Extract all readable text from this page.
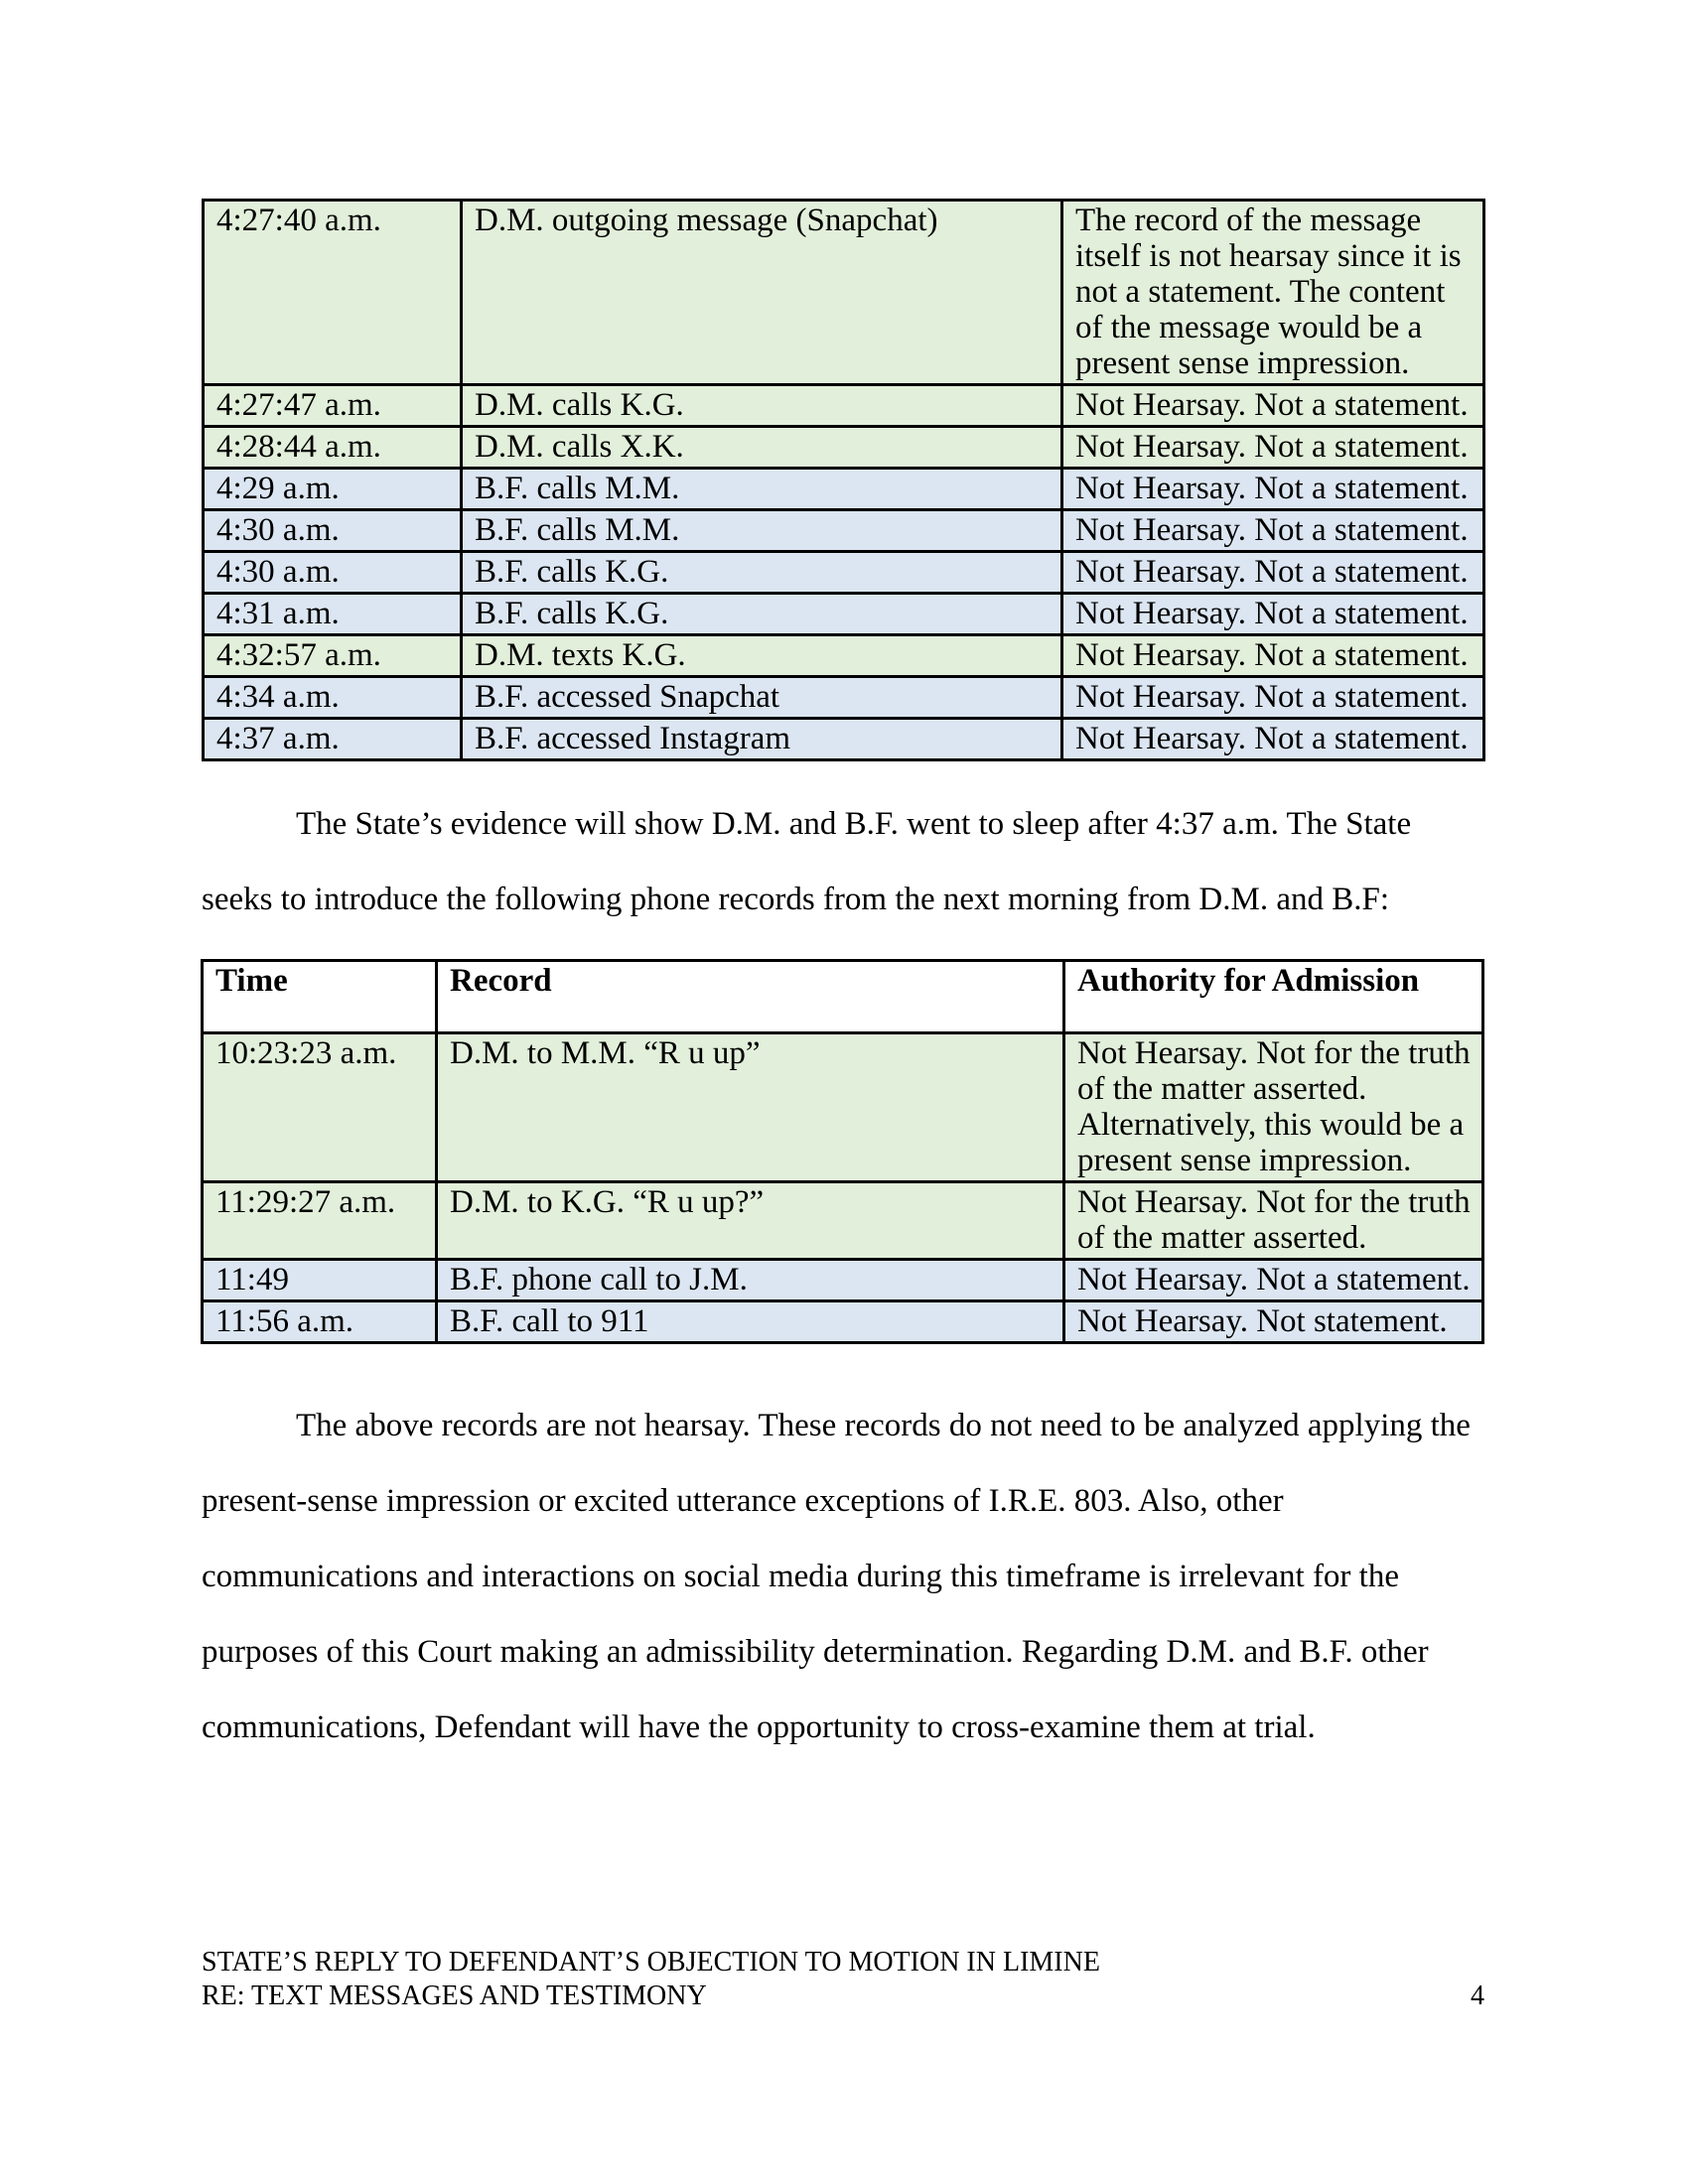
4:27:40 a.m.	D.M. outgoing message (Snapchat)	The record of the message itself is not hearsay since it is not a statement. The content of the message would be a present sense impression.
4:27:47 a.m.	D.M. calls K.G.	Not Hearsay. Not a statement.
4:28:44 a.m.	D.M. calls X.K.	Not Hearsay. Not a statement.
4:29 a.m.	B.F. calls M.M.	Not Hearsay. Not a statement.
4:30 a.m.	B.F. calls M.M.	Not Hearsay. Not a statement.
4:30 a.m.	B.F. calls K.G.	Not Hearsay. Not a statement.
4:31 a.m.	B.F. calls K.G.	Not Hearsay. Not a statement.
4:32:57 a.m.	D.M. texts K.G.	Not Hearsay. Not a statement.
4:34 a.m.	B.F. accessed Snapchat	Not Hearsay. Not a statement.
4:37 a.m.	B.F. accessed Instagram	Not Hearsay. Not a statement.

The State’s evidence will show D.M. and B.F. went to sleep after 4:37 a.m. The State seeks to introduce the following phone records from the next morning from D.M. and B.F:

Time	Record	Authority for Admission
10:23:23 a.m.	D.M. to M.M. “R u up”	Not Hearsay. Not for the truth of the matter asserted. Alternatively, this would be a present sense impression.
11:29:27 a.m.	D.M. to K.G. “R u up?”	Not Hearsay. Not for the truth of the matter asserted.
11:49	B.F. phone call to J.M.	Not Hearsay. Not a statement.
11:56 a.m.	B.F. call to 911	Not Hearsay. Not statement.

The above records are not hearsay. These records do not need to be analyzed applying the present-sense impression or excited utterance exceptions of I.R.E. 803. Also, other communications and interactions on social media during this timeframe is irrelevant for the purposes of this Court making an admissibility determination. Regarding D.M. and B.F. other communications, Defendant will have the opportunity to cross-examine them at trial.

STATE’S REPLY TO DEFENDANT’S OBJECTION TO MOTION IN LIMINE
RE: TEXT MESSAGES AND TESTIMONY	4
